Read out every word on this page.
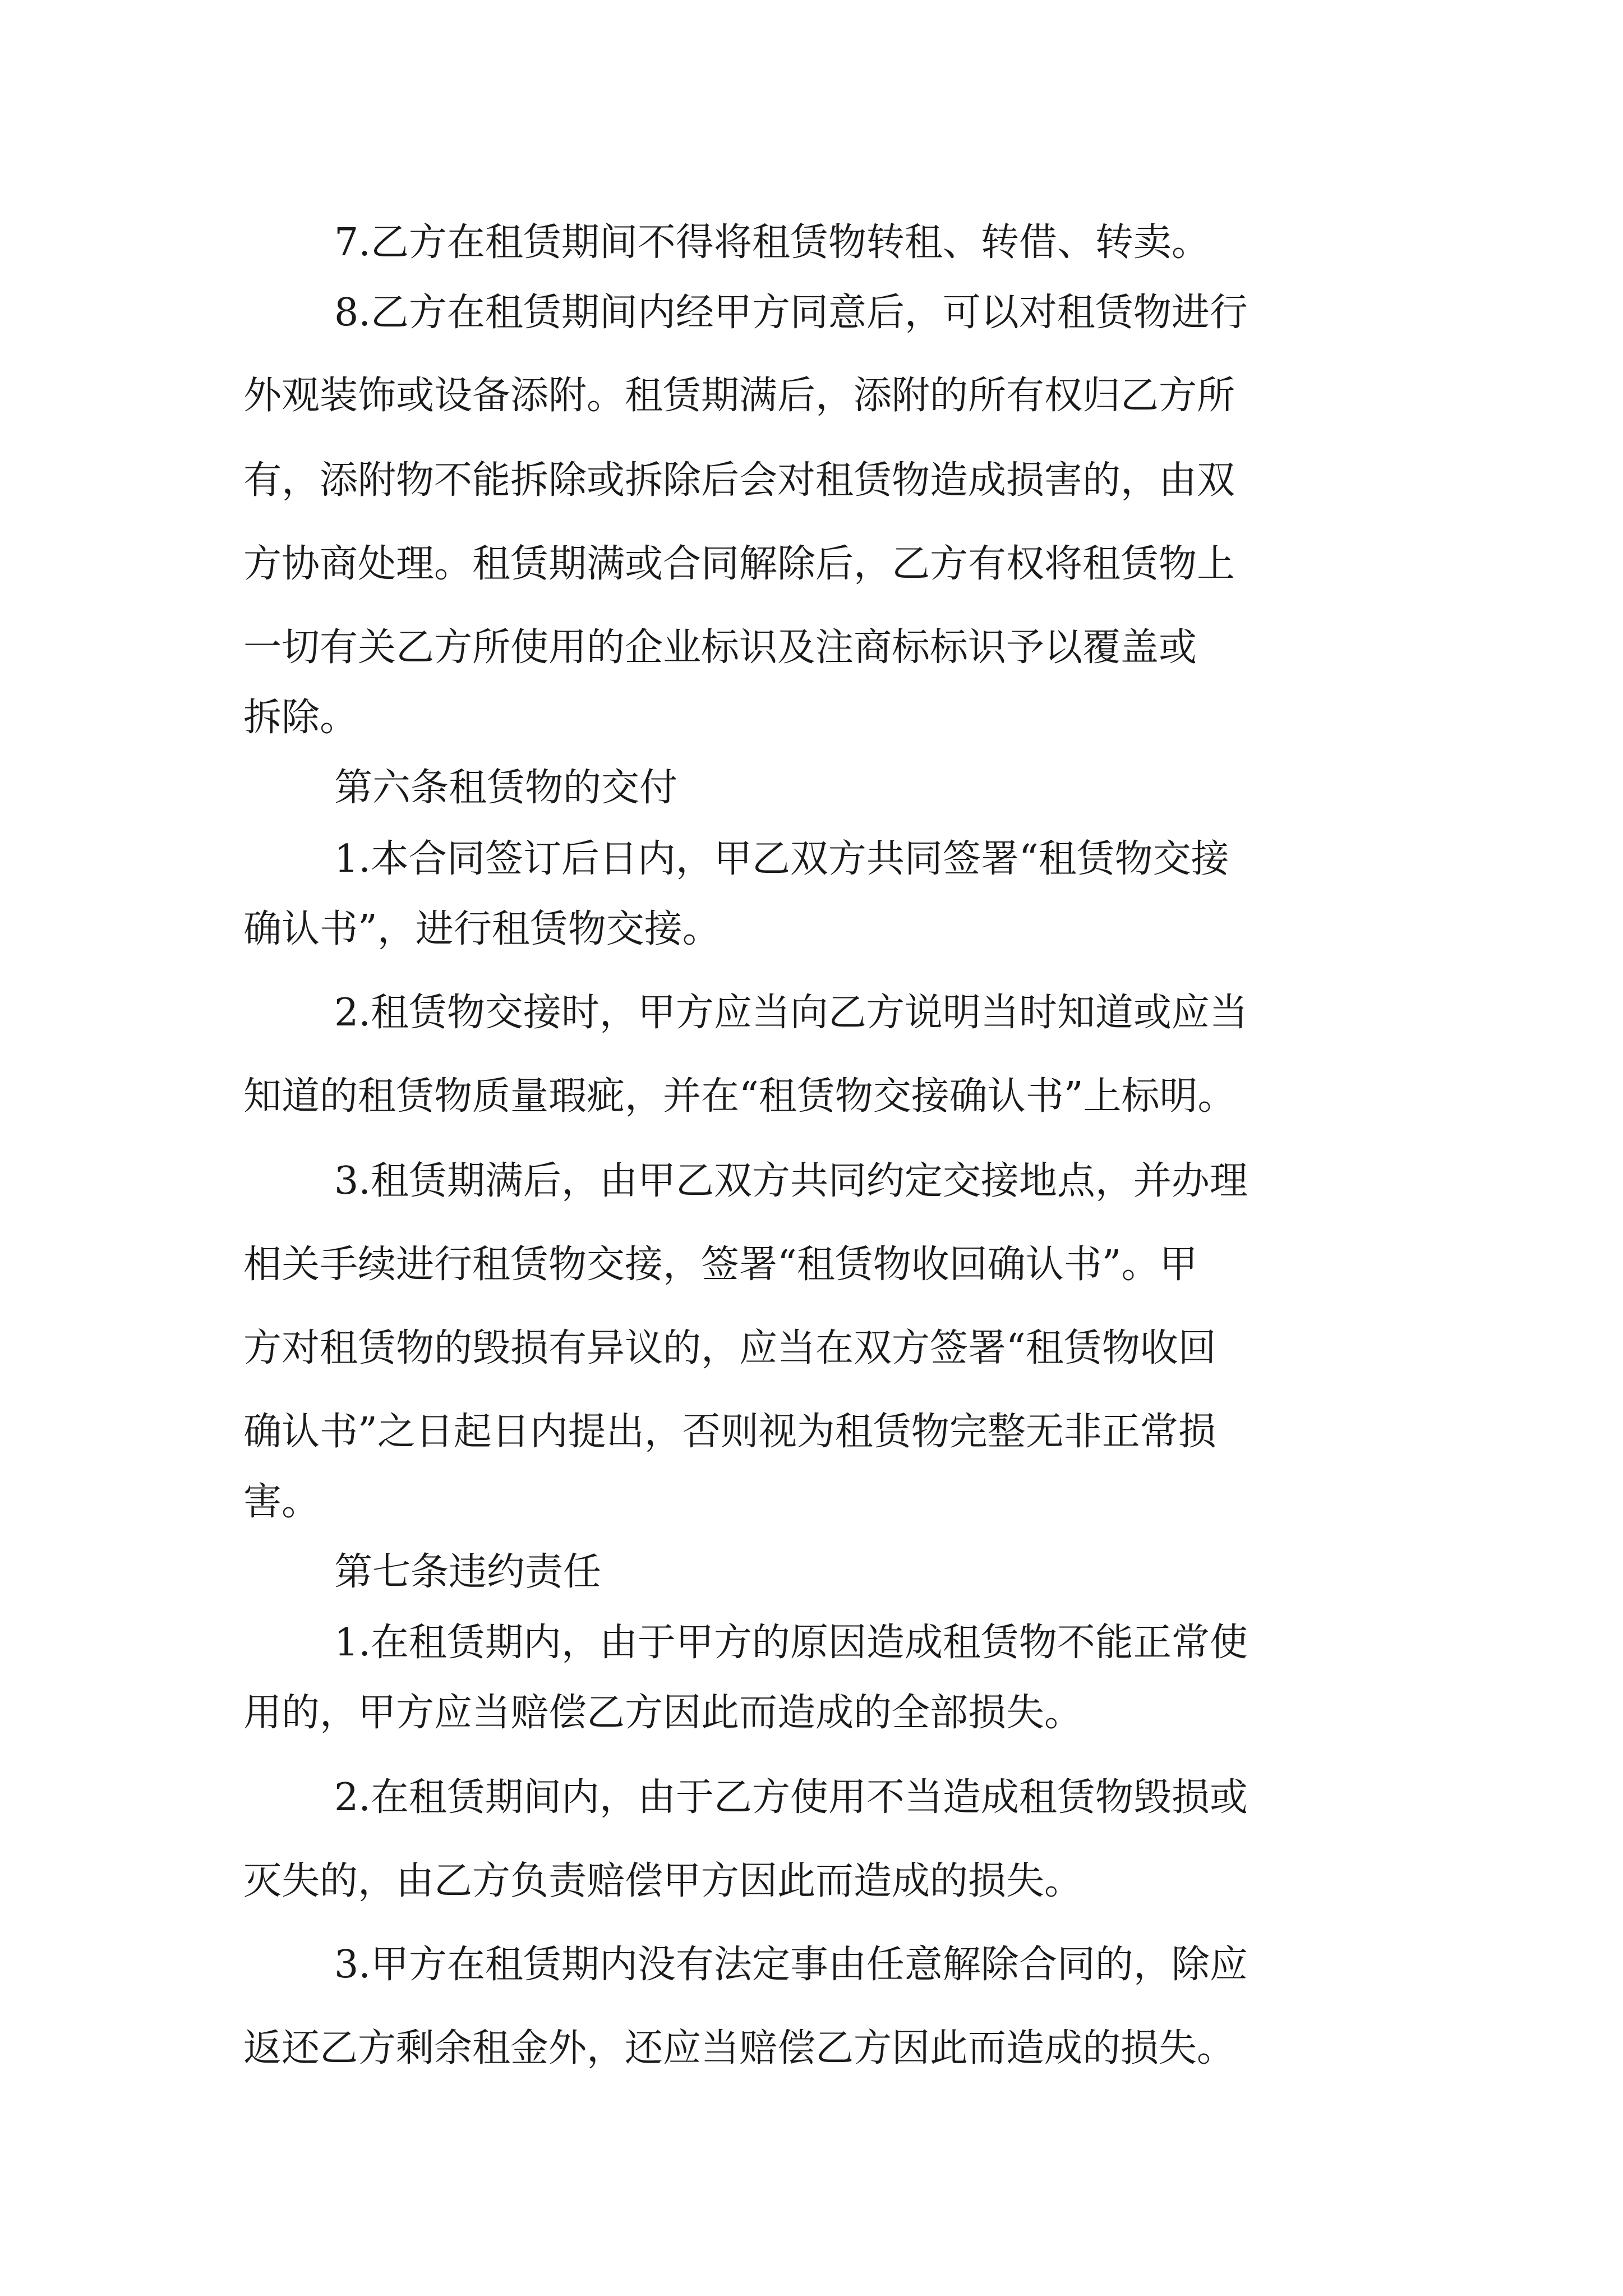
7.乙方在租赁期间不得将租赁物转租、转借、转卖。
8.乙方在租赁期间内经甲方同意后，可以对租赁物进行
外观装饰或设备添附。租赁期满后，添附的所有权归乙方所
有，添附物不能拆除或拆除后会对租赁物造成损害的，由双
方协商处理。租赁期满或合同解除后，乙方有权将租赁物上
一切有关乙方所使用的企业标识及注商标标识予以覆盖或
拆除。
第六条租赁物的交付
1.本合同签订后日内，甲乙双方共同签署“租赁物交接
确认书”，进行租赁物交接。
2.租赁物交接时，甲方应当向乙方说明当时知道或应当
知道的租赁物质量瑕疵，并在“租赁物交接确认书”上标明。
3.租赁期满后，由甲乙双方共同约定交接地点，并办理
相关手续进行租赁物交接，签署“租赁物收回确认书”。甲
方对租赁物的毁损有异议的，应当在双方签署“租赁物收回
确认书”之日起日内提出，否则视为租赁物完整无非正常损
害。
第七条违约责任
1.在租赁期内，由于甲方的原因造成租赁物不能正常使
用的，甲方应当赔偿乙方因此而造成的全部损失。
2.在租赁期间内，由于乙方使用不当造成租赁物毁损或
灭失的，由乙方负责赔偿甲方因此而造成的损失。
3.甲方在租赁期内没有法定事由任意解除合同的，除应
返还乙方剩余租金外，还应当赔偿乙方因此而造成的损失。
